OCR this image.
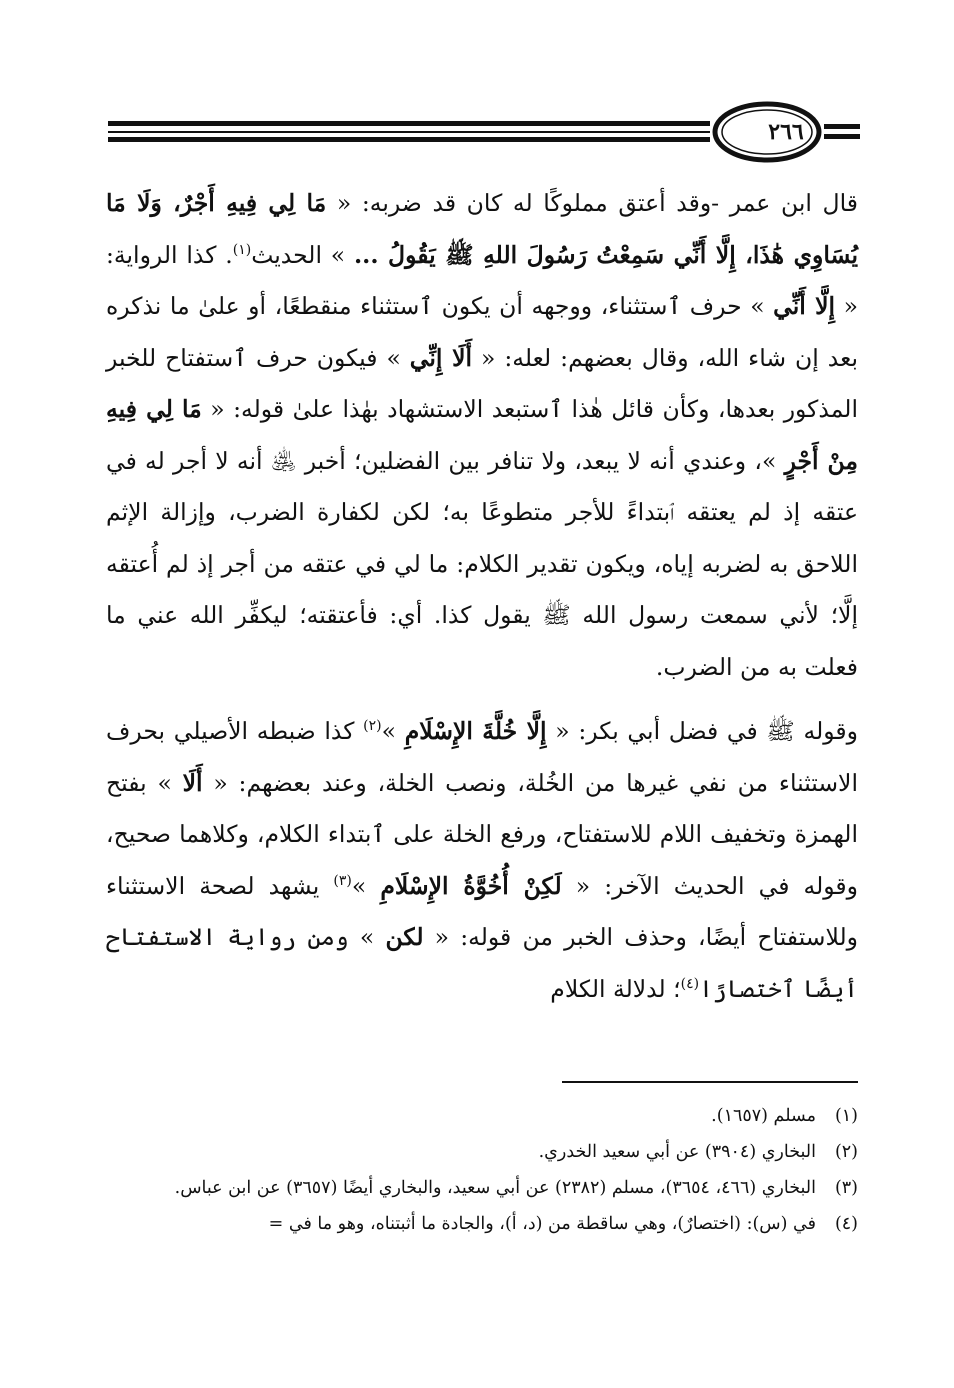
٢٦٦

قال ابن عمر -وقد أعتق مملوكًا له كان قد ضربه: « مَا لِي فِيهِ أَجْرٌ، وَلَا مَا يُسَاوِي هَٰذَا، إِلَّا أَنِّي سَمِعْتُ رَسُولَ اللهِ ﷺ يَقُولُ ... » الحديث$^{(١)}$. كذا الرواية: « إِلَّا أَنِّي » حرف ٱستثناء، ووجهه أن يكون ٱستثناء منقطعًا، أو علىٰ ما نذكره بعد إن شاء الله، وقال بعضهم: لعله: « أَلَا إِنِّي » فيكون حرف ٱستفتاح للخبر المذكور بعدها، وكأن قائل هٰذا ٱستبعد الاستشهاد بهٰذا علىٰ قوله: « مَا لِي فِيهِ مِنْ أَجْرٍ »، وعندي أنه لا يبعد، ولا تنافر بين الفضلين؛ أخبر ﵁ أنه لا أجر له في عتقه إذ لم يعتقه ٱبتداءً للأجر متطوعًا به؛ لكن لكفارة الضرب، وإزالة الإثم اللاحق به لضربه إياه، ويكون تقدير الكلام: ما لي في عتقه من أجر إذ لم أُعتقه إلَّا؛ لأني سمعت رسول الله ﷺ يقول كذا. أي: فأعتقته؛ ليكفِّر الله عني ما فعلت به من الضرب.

وقوله ﷺ في فضل أبي بكر: « إِلَّا خُلَّةَ الإِسْلَامِ »$^{(٢)}$ كذا ضبطه الأصيلي بحرف الاستثناء من نفي غيرها من الخُلة، ونصب الخلة، وعند بعضهم: « أَلَا » بفتح الهمزة وتخفيف اللام للاستفتاح، ورفع الخلة على ٱبتداء الكلام، وكلاهما صحيح، وقوله في الحديث الآخر: « لَكِنْ أُخُوَّةُ الإِسْلَامِ »$^{(٣)}$ يشهد لصحة الاستثناء وللاستفتاح أيضًا، وحذف الخبر من قوله: « لكن » ومن رواية الاستفتاح أيضًا ٱختصارًا$^{(٤)}$؛ لدلالة الكلام

(١)
مسلم (١٦٥٧).
(٢)
البخاري (٣٩٠٤) عن أبي سعيد الخدري.
(٣)
البخاري (٤٦٦، ٣٦٥٤)، مسلم (٢٣٨٢) عن أبي سعيد، والبخاري أيضًا (٣٦٥٧) عن ابن عباس.
(٤)
في (س): (اختصارٌ)، وهي ساقطة من (د، أ)، والجادة ما أثبتناه، وهو ما في =
